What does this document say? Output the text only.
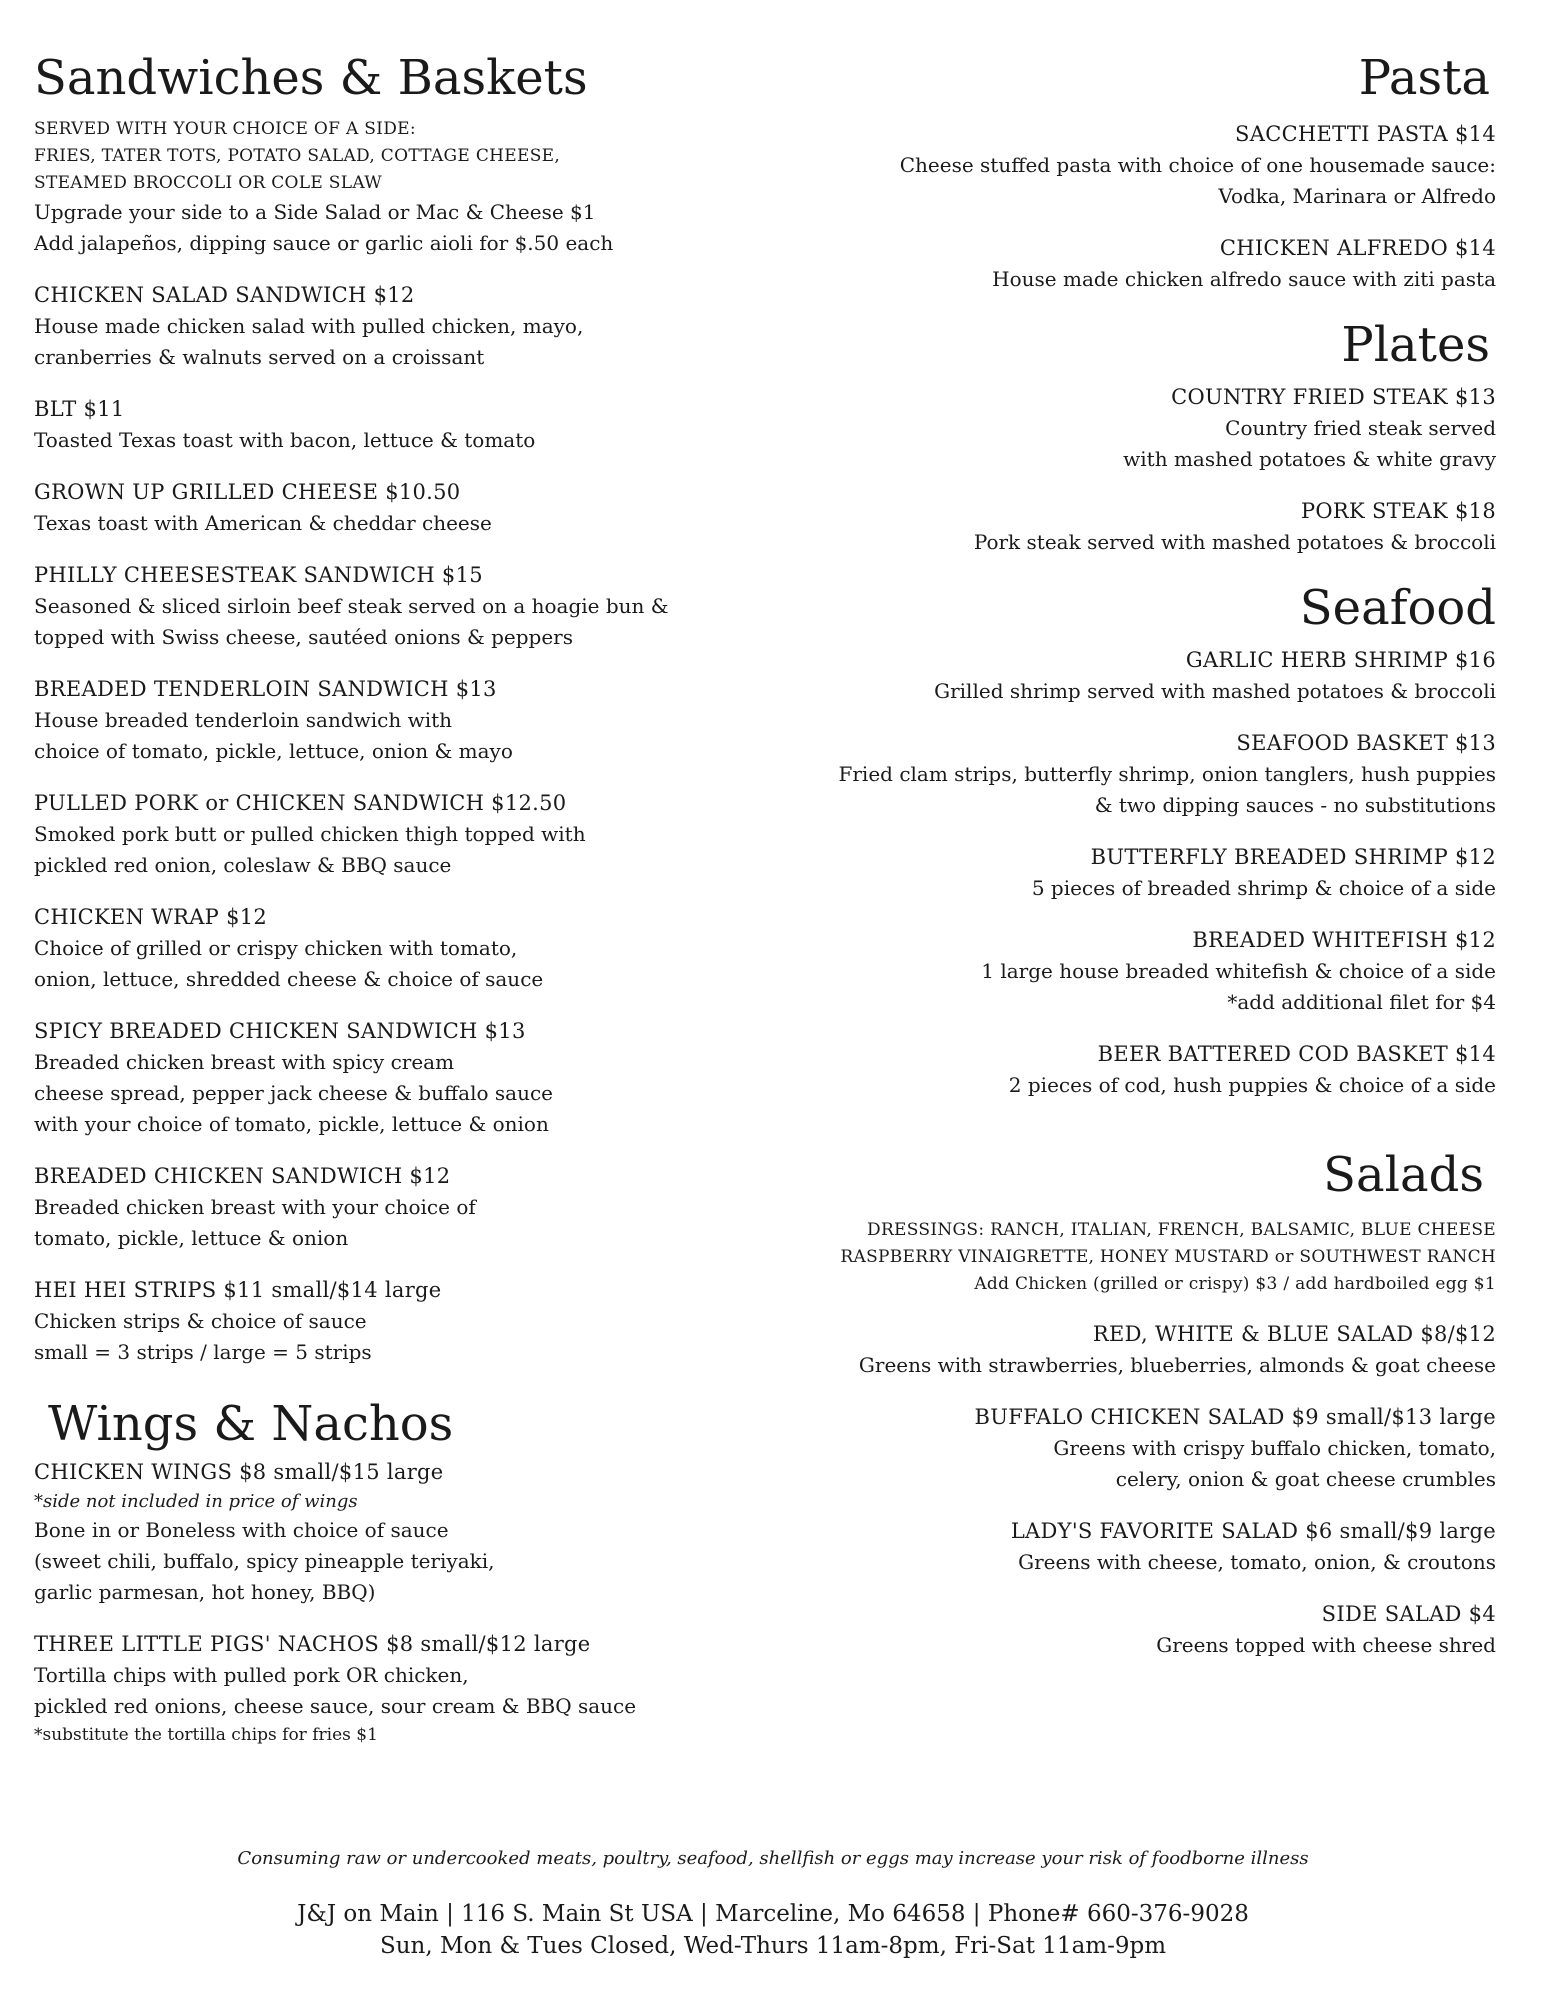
Sandwiches & Baskets
SERVED WITH YOUR CHOICE OF A SIDE:
FRIES, TATER TOTS, POTATO SALAD, COTTAGE CHEESE,
STEAMED BROCCOLI OR COLE SLAW
Upgrade your side to a Side Salad or Mac & Cheese $1
Add jalapeños, dipping sauce or garlic aioli for $.50 each
CHICKEN SALAD SANDWICH $12
House made chicken salad with pulled chicken, mayo,
cranberries & walnuts served on a croissant
BLT $11
Toasted Texas toast with bacon, lettuce & tomato
GROWN UP GRILLED CHEESE $10.50
Texas toast with American & cheddar cheese
PHILLY CHEESESTEAK SANDWICH $15
Seasoned & sliced sirloin beef steak served on a hoagie bun &
topped with Swiss cheese, sautéed onions & peppers
BREADED TENDERLOIN SANDWICH $13
House breaded tenderloin sandwich with
choice of tomato, pickle, lettuce, onion & mayo
PULLED PORK or CHICKEN SANDWICH $12.50
Smoked pork butt or pulled chicken thigh topped with
pickled red onion, coleslaw & BBQ sauce
CHICKEN WRAP $12
Choice of grilled or crispy chicken with tomato,
onion, lettuce, shredded cheese & choice of sauce
SPICY BREADED CHICKEN SANDWICH $13
Breaded chicken breast with spicy cream
cheese spread, pepper jack cheese & buffalo sauce
with your choice of tomato, pickle, lettuce & onion
BREADED CHICKEN SANDWICH $12
Breaded chicken breast with your choice of
tomato, pickle, lettuce & onion
HEI HEI STRIPS $11 small/$14 large
Chicken strips & choice of sauce
small = 3 strips / large = 5 strips
Wings & Nachos
CHICKEN WINGS $8 small/$15 large
*side not included in price of wings
Bone in or Boneless with choice of sauce
(sweet chili, buffalo, spicy pineapple teriyaki,
garlic parmesan, hot honey, BBQ)
THREE LITTLE PIGS' NACHOS $8 small/$12 large
Tortilla chips with pulled pork OR chicken,
pickled red onions, cheese sauce, sour cream & BBQ sauce
*substitute the tortilla chips for fries $1
Pasta
SACCHETTI PASTA $14
Cheese stuffed pasta with choice of one housemade sauce:
Vodka, Marinara or Alfredo
CHICKEN ALFREDO $14
House made chicken alfredo sauce with ziti pasta
Plates
COUNTRY FRIED STEAK $13
Country fried steak served
with mashed potatoes & white gravy
PORK STEAK $18
Pork steak served with mashed potatoes & broccoli
Seafood
GARLIC HERB SHRIMP $16
Grilled shrimp served with mashed potatoes & broccoli
SEAFOOD BASKET $13
Fried clam strips, butterfly shrimp, onion tanglers, hush puppies
& two dipping sauces - no substitutions
BUTTERFLY BREADED SHRIMP $12
5 pieces of breaded shrimp & choice of a side
BREADED WHITEFISH $12
1 large house breaded whitefish & choice of a side
*add additional filet for $4
BEER BATTERED COD BASKET $14
2 pieces of cod, hush puppies & choice of a side
Salads
DRESSINGS: RANCH, ITALIAN, FRENCH, BALSAMIC, BLUE CHEESE
RASPBERRY VINAIGRETTE, HONEY MUSTARD or SOUTHWEST RANCH
Add Chicken (grilled or crispy) $3 / add hardboiled egg $1
RED, WHITE & BLUE SALAD $8/$12
Greens with strawberries, blueberries, almonds & goat cheese
BUFFALO CHICKEN SALAD $9 small/$13 large
Greens with crispy buffalo chicken, tomato,
celery, onion & goat cheese crumbles
LADY'S FAVORITE SALAD $6 small/$9 large
Greens with cheese, tomato, onion, & croutons
SIDE SALAD $4
Greens topped with cheese shred
Consuming raw or undercooked meats, poultry, seafood, shellfish or eggs may increase your risk of foodborne illness
J&J on Main | 116 S. Main St USA | Marceline, Mo 64658 | Phone# 660-376-9028
Sun, Mon & Tues Closed, Wed-Thurs 11am-8pm, Fri-Sat 11am-9pm
